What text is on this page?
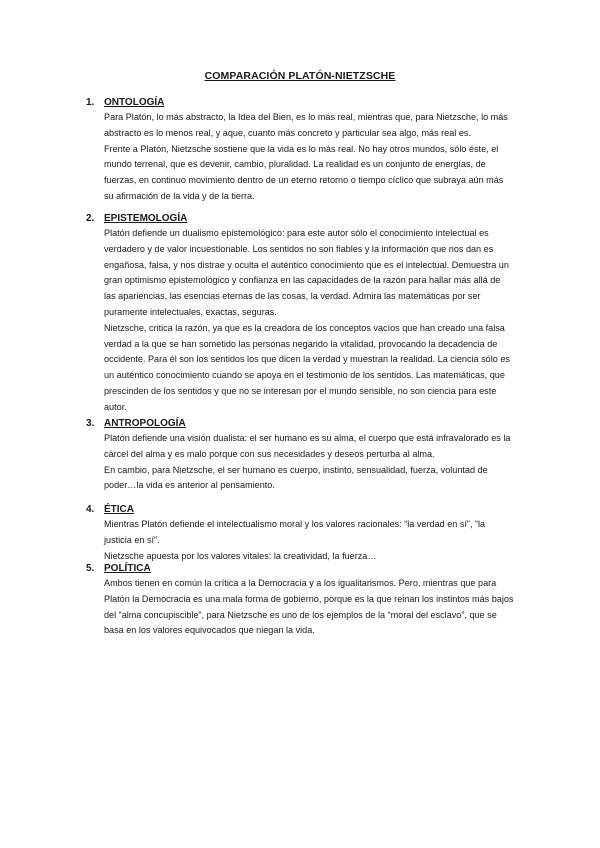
COMPARACIÓN PLATÓN-NIETZSCHE
1. ONTOLOGÍA

Para Platón, lo más abstracto, la Idea del Bien, es lo más real, mientras que, para Nietzsche, lo más abstracto es lo menos real, y aque, cuanto más concreto y particular sea algo, más real es.

Frente a Platón, Nietzsche sostiene que la vida es lo más real. No hay otros mundos, sólo éste, el mundo terrenal, que es devenir, cambio, pluralidad. La realidad es un conjunto de energías, de fuerzas, en continuo movimiento dentro de un eterno retorno o tiempo cíclico que subraya aún más su afirmación de la vida y de la tierra.

2. EPISTEMOLOGÍA

Platón defiende un dualismo epistemológico: para este autor sólo el conocimiento intelectual es verdadero y de valor incuestionable. Los sentidos no son fiables y la información que nos dan es engañosa, falsa, y nos distrae y oculta el auténtico conocimiento que es el intelectual. Demuestra un gran optimismo epistemológico y confianza en las capacidades de la razón para hallar más allá de las apariencias, las esencias eternas de las cosas, la verdad. Admira las matemáticas por ser puramente intelectuales, exactas, seguras.

Nietzsche, critica la razón, ya que es la creadora de los conceptos vacíos que han creado una falsa verdad a la que se han sometido las personas negando la vitalidad, provocando la decadencia de occidente. Para él son los sentidos los que dicen la verdad y muestran la realidad. La ciencia sólo es un auténtico conocimiento cuando se apoya en el testimonio de los sentidos. Las matemáticas, que prescinden de los sentidos y que no se interesan por el mundo sensible, no son ciencia para este autor.

3. ANTROPOLOGÍA

Platón defiende una visión dualista: el ser humano es su alma, el cuerpo que está infravalorado es la cárcel del alma y es malo porque con sus necesidades y deseos perturba al alma.

En cambio, para Nietzsche, el ser humano es cuerpo, instinto, sensualidad, fuerza, voluntad de poder…la vida es anterior al pensamiento.

4. ÉTICA

Mientras Platón defiende el intelectualismo moral y los valores racionales: “la verdad en sí”, “la justicia en sí”.

Nietzsche apuesta por los valores vitales: la creatividad, la fuerza…

5. POLÍTICA

Ambos tienen en común la crítica a la Democracia y a los igualitarismos. Pero, mientras que para Platón la Democracia es una mala forma de gobierno, porque es la que reinan los instintos más bajos del “alma concupiscible”, para Nietzsche es uno de los ejemplos de la “moral del esclavo”, que se basa en los valores equivocados que niegan la vida.
